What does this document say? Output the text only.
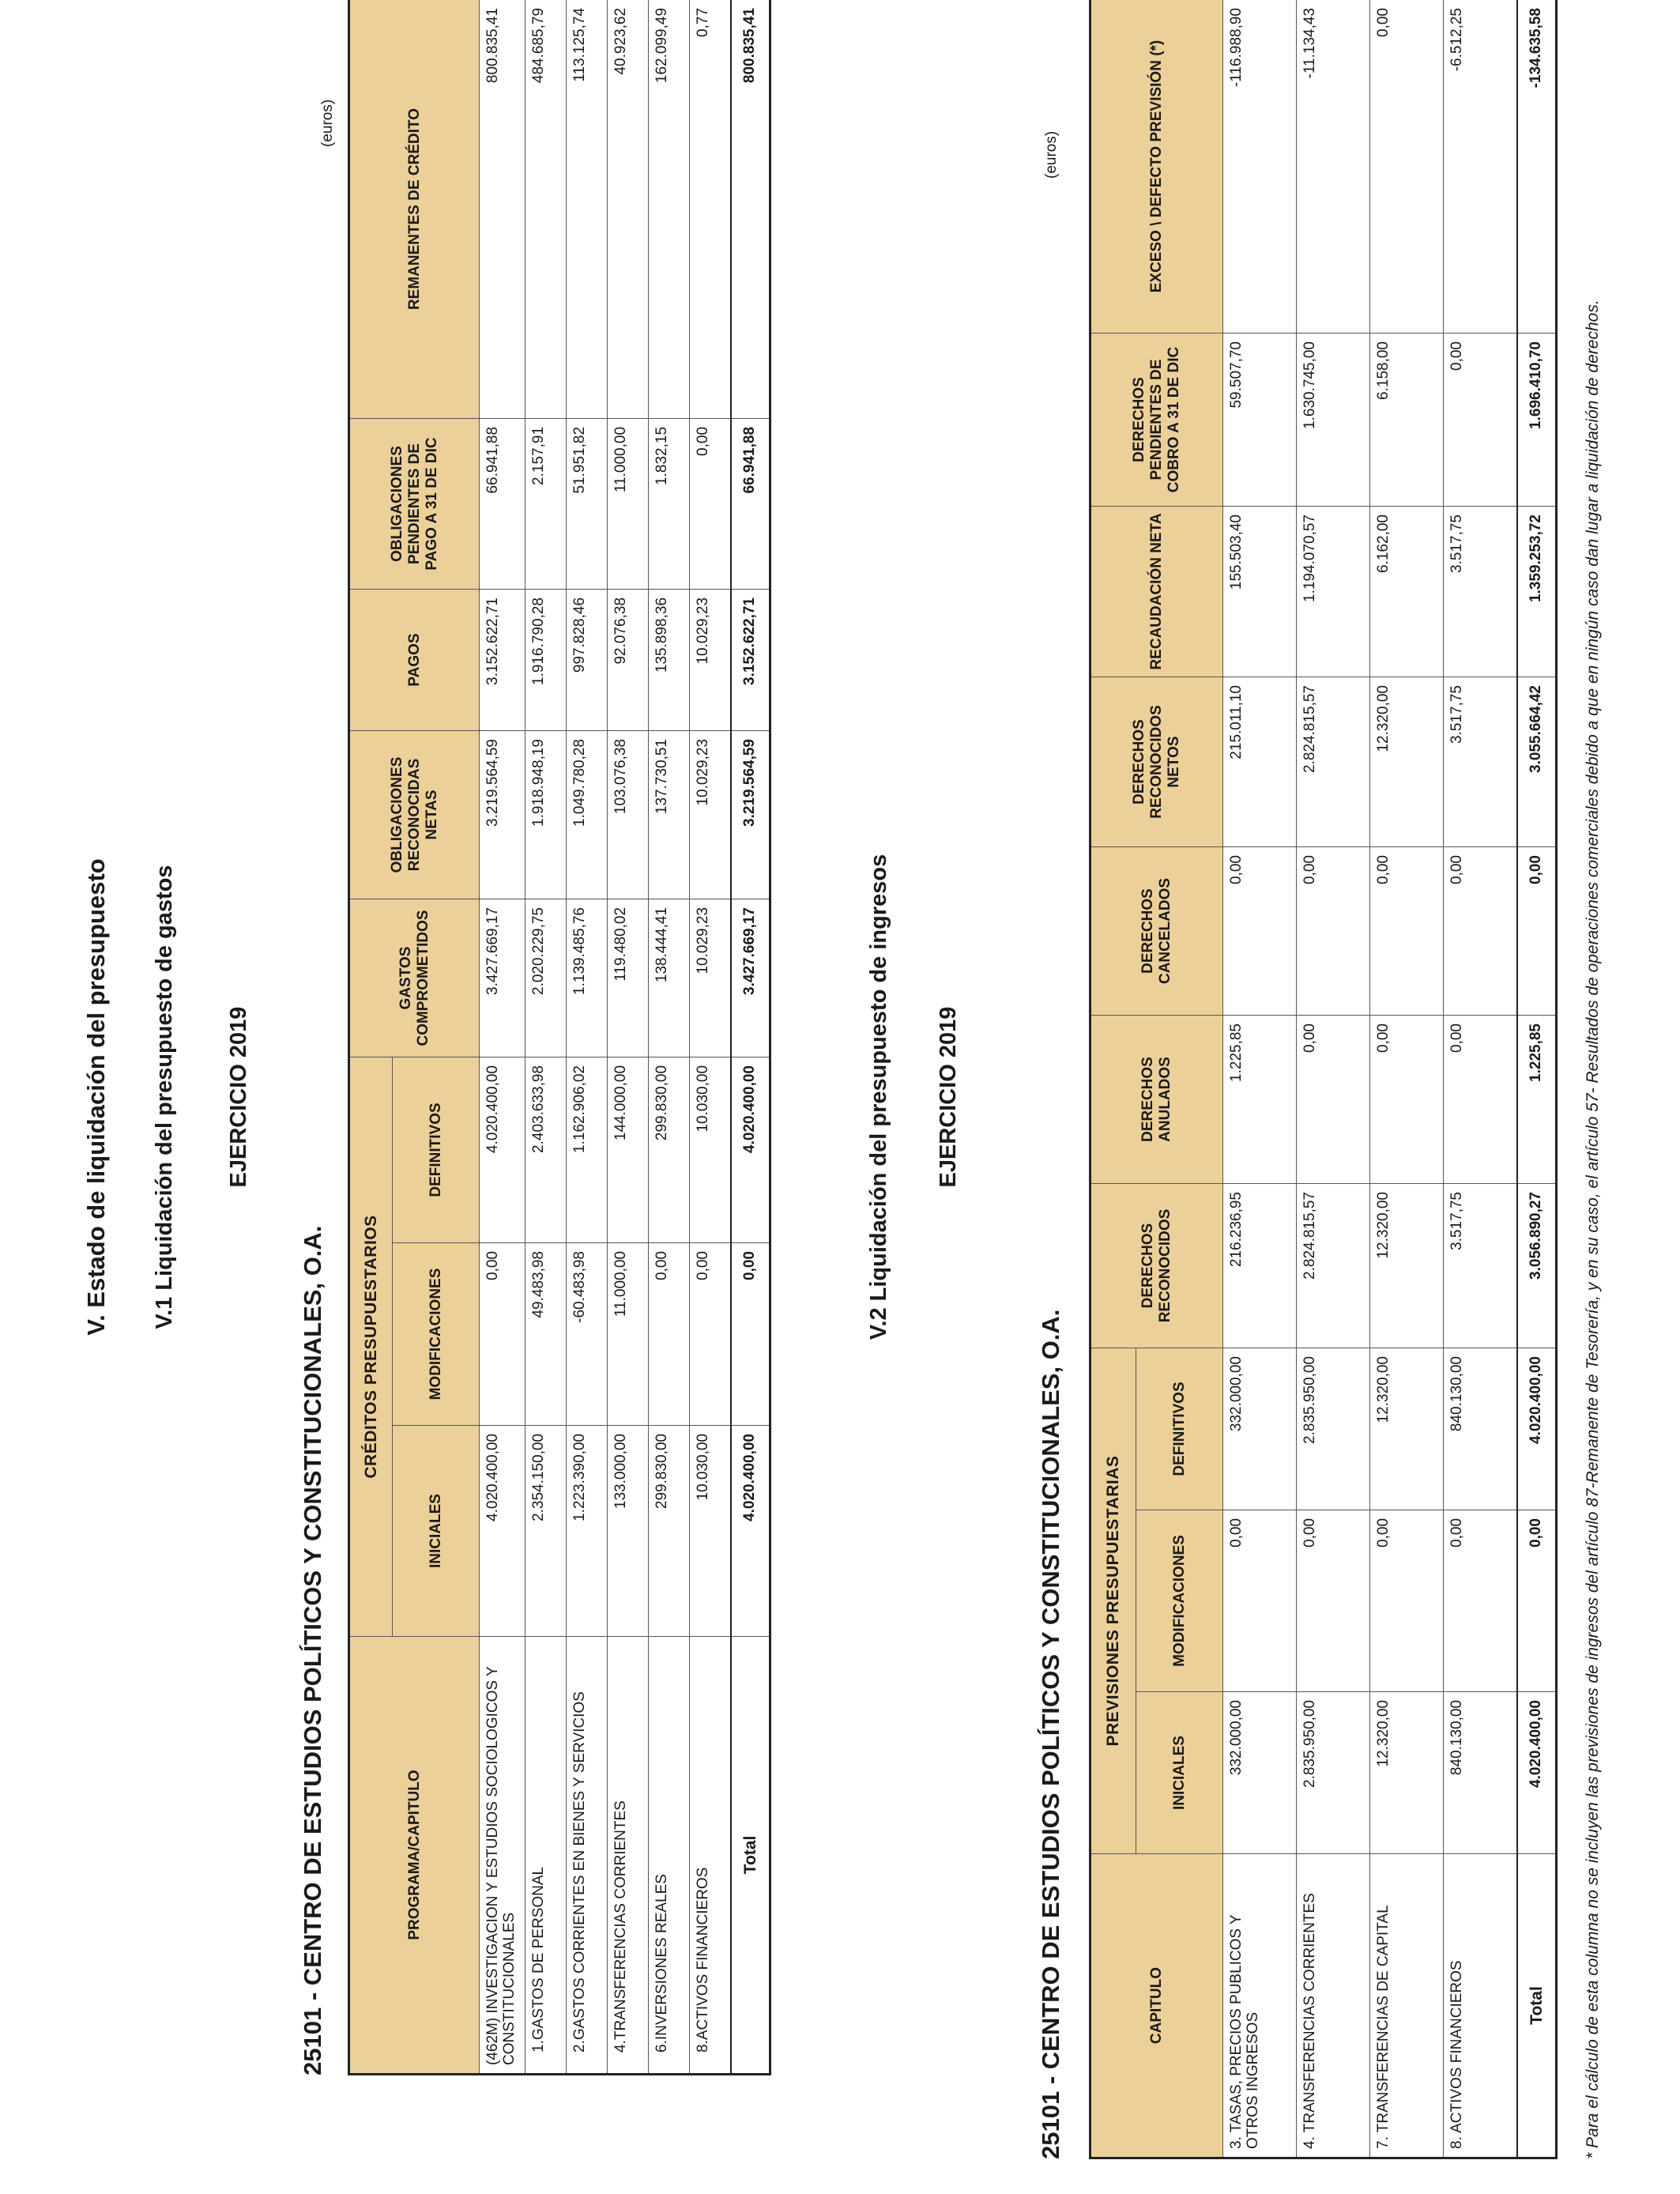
V. Estado de liquidación del presupuesto V.1 Liquidación del presupuesto de gastos EJERCICIO 2019
25101 - CENTRO DE ESTUDIOS POLÍTICOS Y CONSTITUCIONALES, O.A.
(euros)
PROGRAMA/CAPITULO	CRÉDITOS PRESUPUESTARIOS			GASTOS COMPROMETIDOS	OBLIGACIONES RECONOCIDAS NETAS	PAGOS	OBLIGACIONES PENDIENTES DE PAGO A 31 DE DIC	REMANENTES DE CRÉDITO
	INICIALES	MODIFICACIONES	DEFINITIVOS					
(462M) INVESTIGACION Y ESTUDIOS SOCIOLOGICOS Y CONSTITUCIONALES	4.020.400,00	0,00	4.020.400,00	3.427.669,17	3.219.564,59	3.152.622,71	66.941,88	800.835,41
1.GASTOS DE PERSONAL	2.354.150,00	49.483,98	2.403.633,98	2.020.229,75	1.918.948,19	1.916.790,28	2.157,91	484.685,79
2.GASTOS CORRIENTES EN BIENES Y SERVICIOS	1.223.390,00	-60.483,98	1.162.906,02	1.139.485,76	1.049.780,28	997.828,46	51.951,82	113.125,74
4.TRANSFERENCIAS CORRIENTES	133.000,00	11.000,00	144.000,00	119.480,02	103.076,38	92.076,38	11.000,00	40.923,62
6.INVERSIONES REALES	299.830,00	0,00	299.830,00	138.444,41	137.730,51	135.898,36	1.832,15	162.099,49
8.ACTIVOS FINANCIEROS	10.030,00	0,00	10.030,00	10.029,23	10.029,23	10.029,23	0,00	0,77
Total	4.020.400,00	0,00	4.020.400,00	3.427.669,17	3.219.564,59	3.152.622,71	66.941,88	800.835,41
V.2 Liquidación del presupuesto de ingresos EJERCICIO 2019
25101 - CENTRO DE ESTUDIOS POLÍTICOS Y CONSTITUCIONALES, O.A.
(euros)
CAPITULO	PREVISIONES PRESUPUESTARIAS			DERECHOS RECONOCIDOS	DERECHOS ANULADOS	DERECHOS CANCELADOS	DERECHOS RECONOCIDOS NETOS	RECAUDACIÓN NETA	DERECHOS PENDIENTES DE COBRO A 31 DE DIC	EXCESO \ DEFECTO PREVISIÓN (*)
	INICIALES	MODIFICACIONES	DEFINITIVOS							
3. TASAS, PRECIOS PUBLICOS Y OTROS INGRESOS	332.000,00	0,00	332.000,00	216.236,95	1.225,85	0,00	215.011,10	155.503,40	59.507,70	-116.988,90
4. TRANSFERENCIAS CORRIENTES	2.835.950,00	0,00	2.835.950,00	2.824.815,57	0,00	0,00	2.824.815,57	1.194.070,57	1.630.745,00	-11.134,43
7. TRANSFERENCIAS DE CAPITAL	12.320,00	0,00	12.320,00	12.320,00	0,00	0,00	12.320,00	6.162,00	6.158,00	0,00
8. ACTIVOS FINANCIEROS	840.130,00	0,00	840.130,00	3.517,75	0,00	0,00	3.517,75	3.517,75	0,00	-6.512,25
Total	4.020.400,00	0,00	4.020.400,00	3.056.890,27	1.225,85	0,00	3.055.664,42	1.359.253,72	1.696.410,70	-134.635,58
* Para el cálculo de esta columna no se incluyen las previsiones de ingresos del artículo 87-Remanente de Tesorería, y en su caso, el artículo 57- Resultados de operaciones comerciales debido a que en ningún caso dan lugar a liquidación de derechos.
